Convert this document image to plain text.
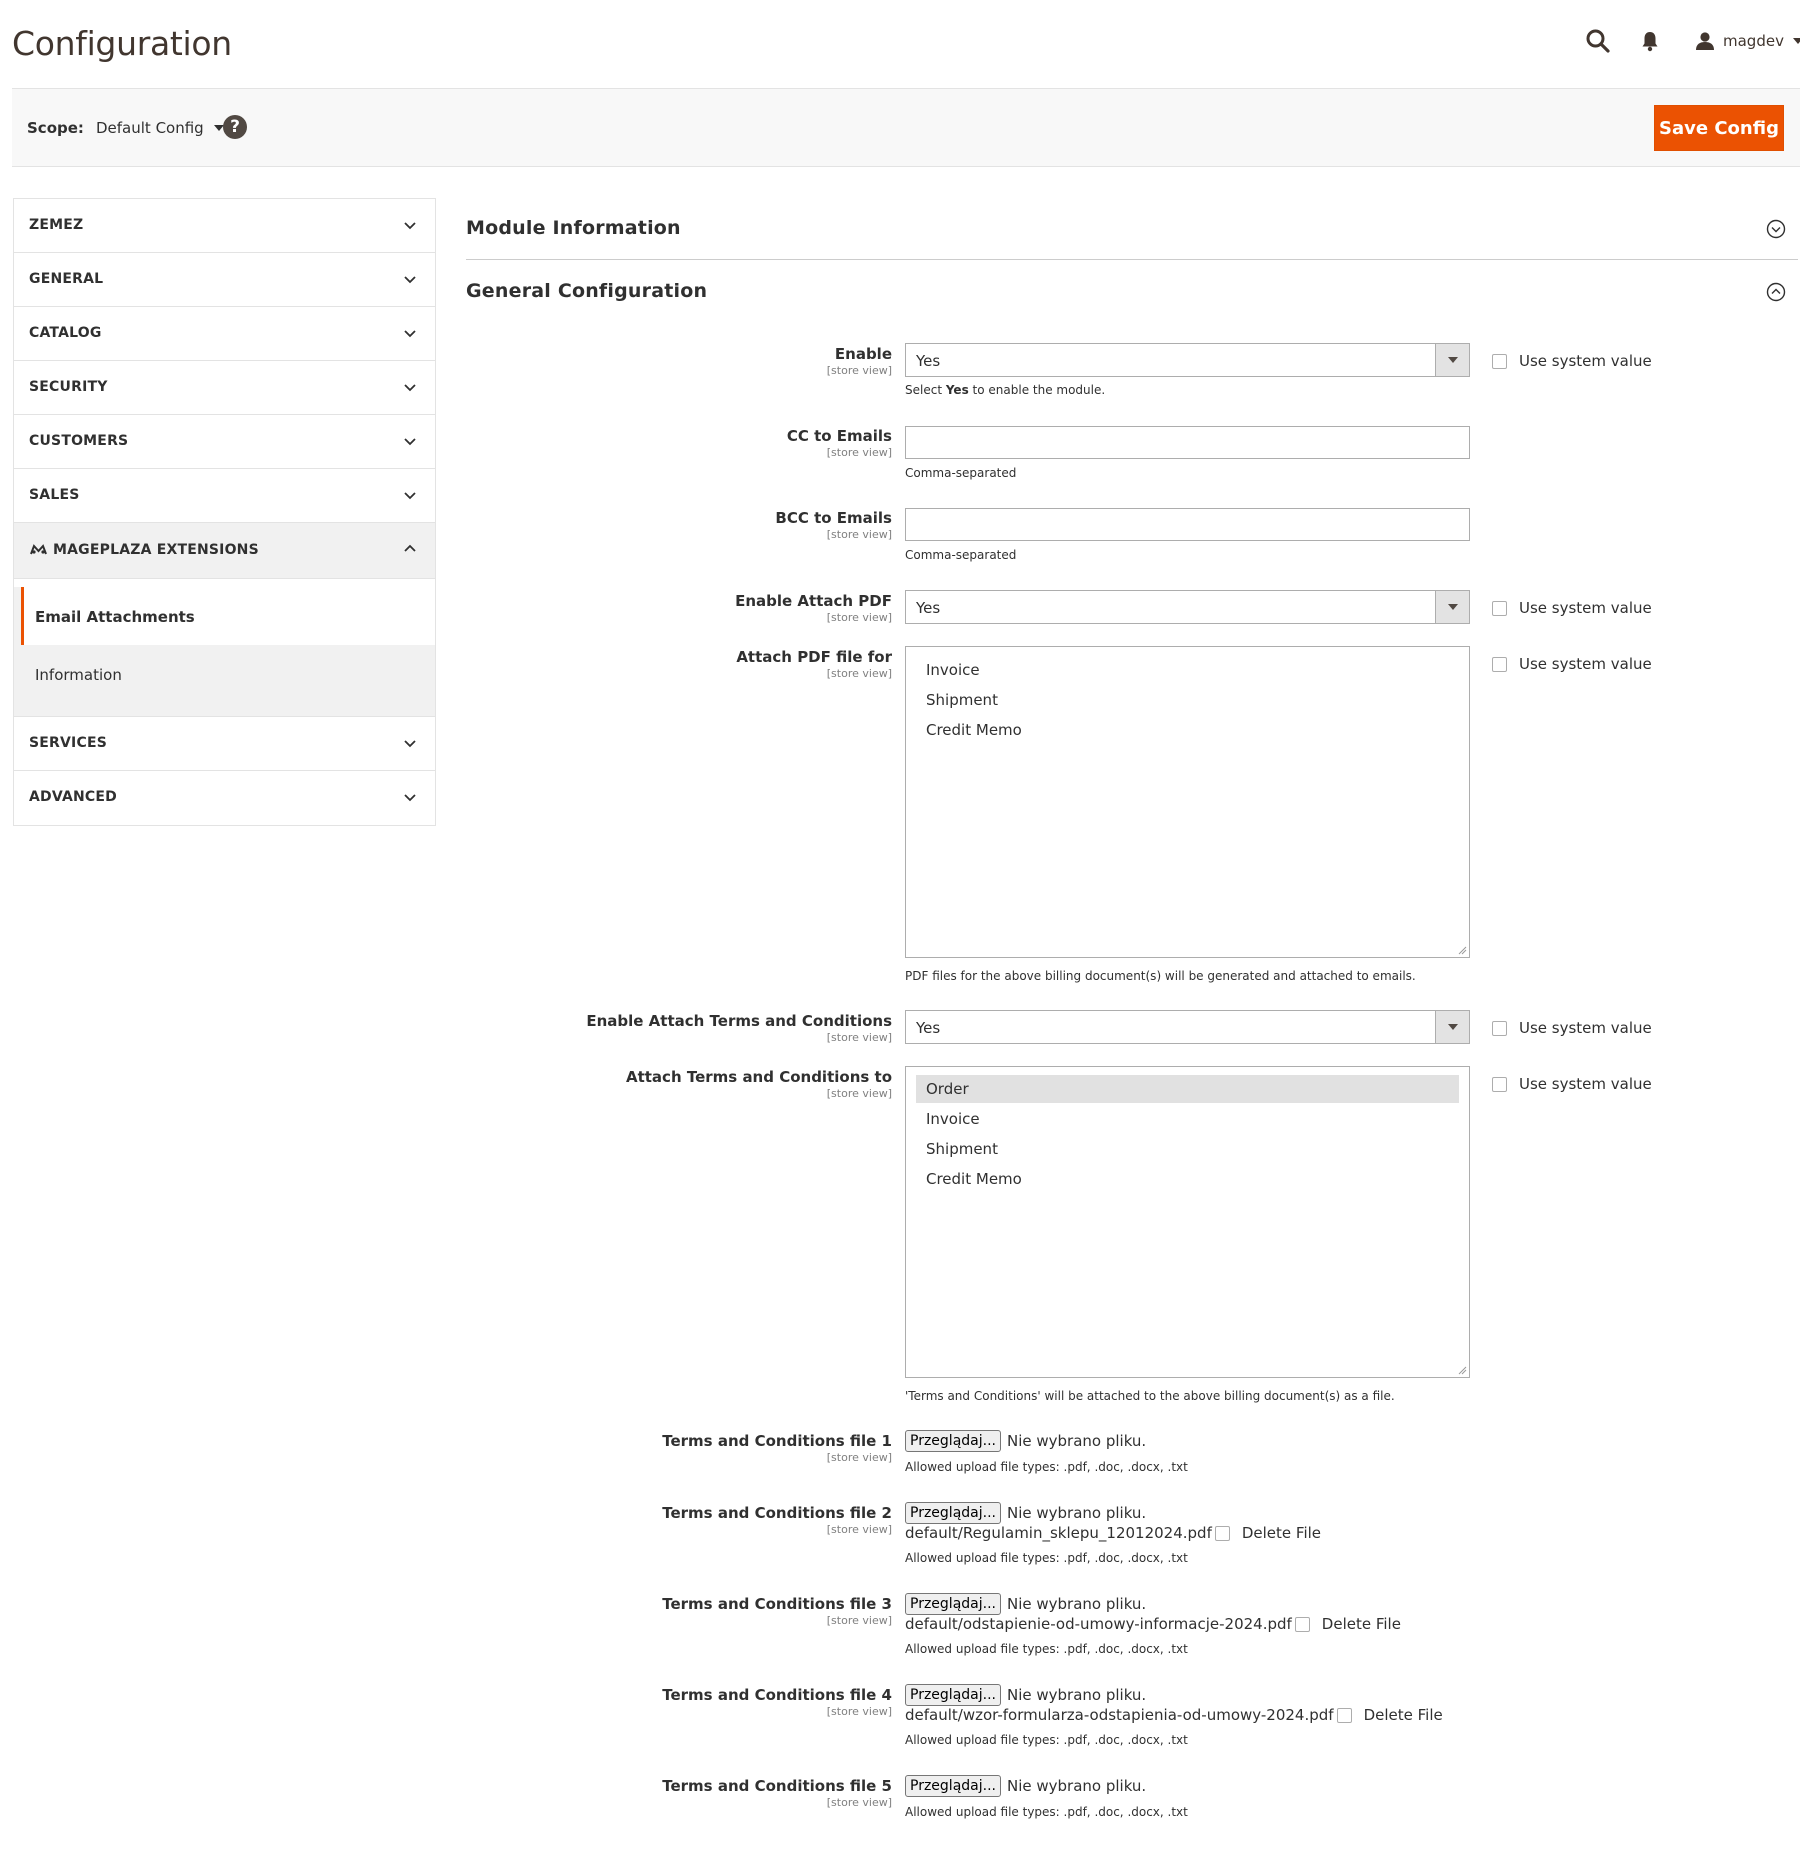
Configuration	magdev
Scope: Default Config	?	Save Config
ZEMEZ
GENERAL
CATALOG
SECURITY
CUSTOMERS
SALES
MAGEPLAZA EXTENSIONS
Email Attachments
Information
SERVICES
ADVANCED
Module Information
General Configuration
Enable
[store view]
Yes	Use system value
Select Yes to enable the module.
CC to Emails
[store view]
Comma-separated
BCC to Emails
[store view]
Comma-separated
Enable Attach PDF
[store view]
Yes	Use system value
Attach PDF file for
[store view]	Invoice
Shipment
Credit Memo
Use system value
PDF files for the above billing document(s) will be generated and attached to emails.
Enable Attach Terms and Conditions
[store view]
Yes	Use system value
Attach Terms and Conditions to
[store view]	Order
Invoice
Shipment
Credit Memo
Use system value
'Terms and Conditions' will be attached to the above billing document(s) as a file.
Terms and Conditions file 1
[store view]
Przeglądaj... Nie wybrano pliku.
Allowed upload file types: .pdf, .doc, .docx, .txt
Terms and Conditions file 2
[store view]
Przeglądaj... Nie wybrano pliku.
default/Regulamin_sklepu_12012024.pdf Delete File
Allowed upload file types: .pdf, .doc, .docx, .txt
Terms and Conditions file 3
[store view]
Przeglądaj... Nie wybrano pliku.
default/odstapienie-od-umowy-informacje-2024.pdf Delete File
Allowed upload file types: .pdf, .doc, .docx, .txt
Terms and Conditions file 4
[store view]
Przeglądaj... Nie wybrano pliku.
default/wzor-formularza-odstapienia-od-umowy-2024.pdf Delete File
Allowed upload file types: .pdf, .doc, .docx, .txt
Terms and Conditions file 5
[store view]
Przeglądaj... Nie wybrano pliku.
Allowed upload file types: .pdf, .doc, .docx, .txt
